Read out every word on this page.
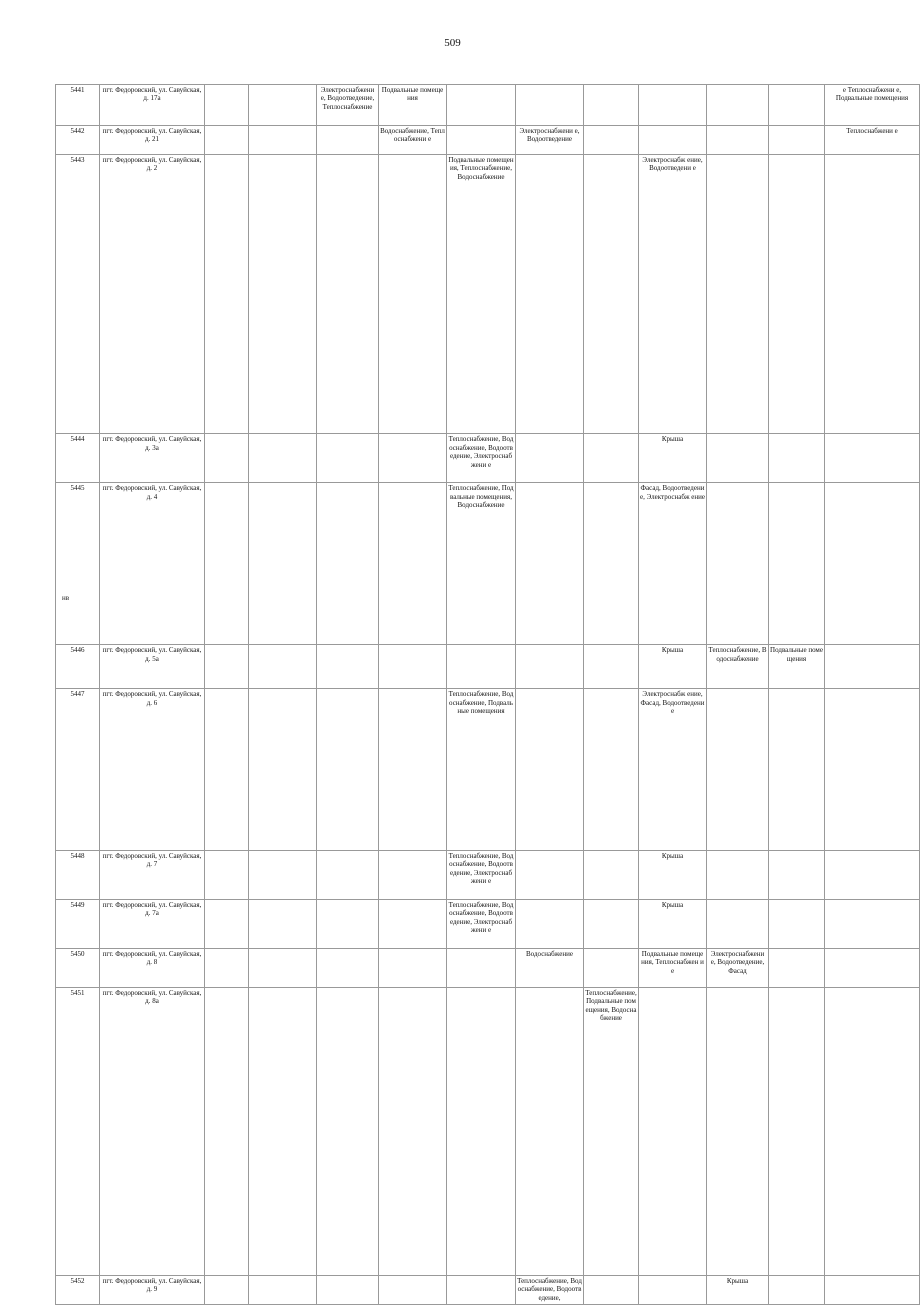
509
5441	пгт. Федоровский, ул. Савуйская, д. 17а			Электроснабжени е, Водоотведение, Теплоснабжение	Подвальные помещения							е Теплоснабжени е, Подвальные помещения	
5442	пгт. Федоровский, ул. Савуйская, д. 21				Водоснабжение, Теплоснабжени е		Электроснабжени е, Водоотведение					Теплоснабжени е	
5443	пгт. Федоровский, ул. Савуйская, д. 2					Подвальные помещения, Теплоснабжение, Водоснабжение			Электроснабж ение, Водоотведени е				
5444	пгт. Федоровский, ул. Савуйская, д. 3а					Теплоснабжение, Водоснабжение, Водоотведение, Электроснабжени е			Крыша				
5445	пгт. Федоровский, ул. Савуйская, д. 4					Теплоснабжение, Подвальные помещения, Водоснабжение			Фасад, Водоотведени е, Электроснабж ение				
5446	пгт. Федоровский, ул. Савуйская, д. 5а								Крыша	Теплоснабжение, Водоснабжение	Подвальные помещения		
5447	пгт. Федоровский, ул. Савуйская, д. 6					Теплоснабжение, Водоснабжение, Подвальные помещения			Электроснабж ение, Фасад, Водоотведени е				
5448	пгт. Федоровский, ул. Савуйская, д. 7					Теплоснабжение, Водоснабжение, Водоотведение, Электроснабжени е			Крыша				
5449	пгт. Федоровский, ул. Савуйская, д. 7а					Теплоснабжение, Водоснабжение, Водоотведение, Электроснабжени е			Крыша				
5450	пгт. Федоровский, ул. Савуйская, д. 8						Водоснабжение		Подвальные помещения, Теплоснабжен ие	Электроснабжени е, Водоотведение, Фасад			
5451	пгт. Федоровский, ул. Савуйская, д. 8а							Теплоснабжение, Подвальные помещения, Водоснабжение					
5452	пгт. Федоровский, ул. Савуйская, д. 9						Теплоснабжение, Водоснабжение, Водоотведение,			Крыша			
нв
